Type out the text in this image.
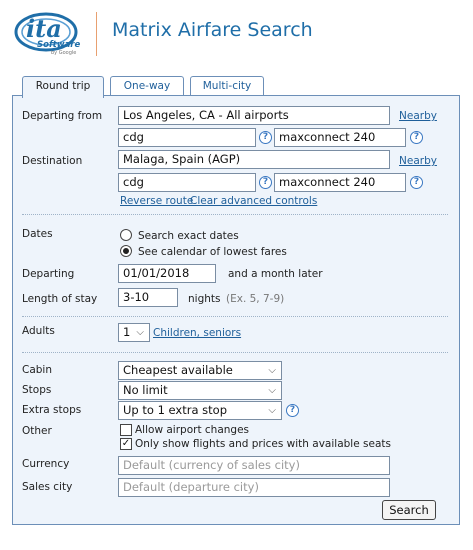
ita
Software
by Google
Matrix Airfare Search
Round trip	One-way	Multi-city
Departing from	Los Angeles, CA - All airports	Nearby
cdg	? maxconnect 240	?
Destination	Malaga, Spain (AGP)	Nearby
cdg	? maxconnect 240	?
Reverse route
Clear advanced controls
Dates	Search exact dates
See calendar of lowest fares
Departing	01/01/2018	and a month later
Length of stay	3-10	nights (Ex. 5, 7-9)
Adults	1 ⌵ Children, seniors
Cabin	Cheapest available	⌵
Stops	No limit	⌵
Extra stops	Up to 1 extra stop	⌵	?
Other	Allow airport changes
✓ Only show flights and prices with available seats
Currency	Default (currency of sales city)
Sales city	Default (departure city)
Search
